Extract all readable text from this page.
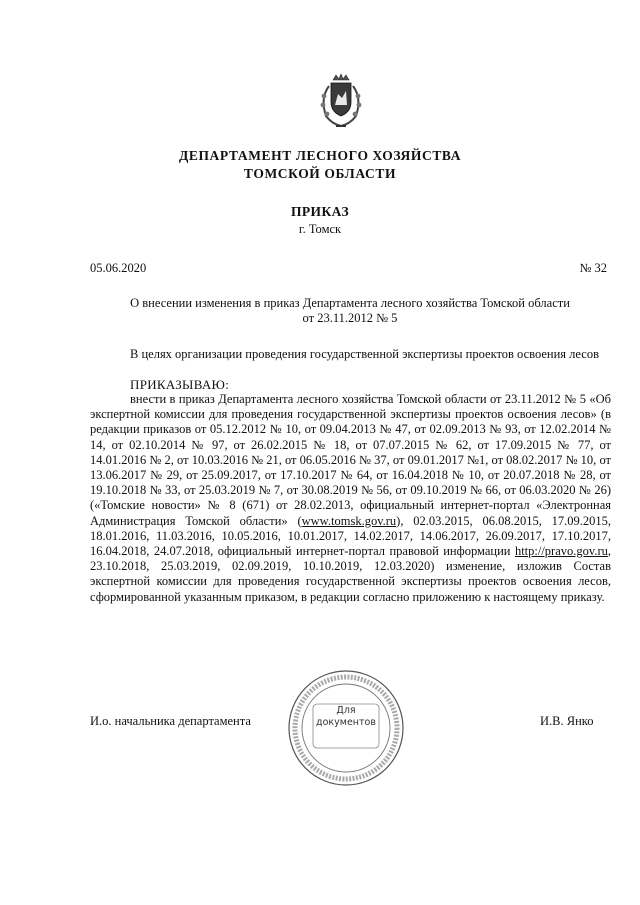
ДЕПАРТАМЕНТ ЛЕСНОГО ХОЗЯЙСТВА
ТОМСКОЙ ОБЛАСТИ
ПРИКАЗ
г. Томск
05.06.2020	№ 32
О внесении изменения в приказ Департамента лесного хозяйства Томской области
от 23.11.2012 № 5
В целях организации проведения государственной экспертизы проектов освоения лесов
ПРИКАЗЫВАЮ:
внести в приказ Департамента лесного хозяйства Томской области от 23.11.2012 № 5 «Об экспертной комиссии для проведения государственной экспертизы проектов освоения лесов» (в редакции приказов от 05.12.2012 № 10, от 09.04.2013 № 47, от 02.09.2013 № 93, от 12.02.2014 № 14, от 02.10.2014 № 97, от 26.02.2015 № 18, от 07.07.2015 № 62, от 17.09.2015 № 77, от 14.01.2016 № 2, от 10.03.2016 № 21, от 06.05.2016 № 37, от 09.01.2017 №1, от 08.02.2017 № 10, от 13.06.2017 № 29, от 25.09.2017, от 17.10.2017 № 64, от 16.04.2018 № 10, от 20.07.2018 № 28, от 19.10.2018 № 33, от 25.03.2019 № 7, от 30.08.2019 № 56, от 09.10.2019 № 66, от 06.03.2020 № 26) («Томские новости» № 8 (671) от 28.02.2013, официальный интернет-портал «Электронная Администрация Томской области» (www.tomsk.gov.ru), 02.03.2015, 06.08.2015, 17.09.2015, 18.01.2016, 11.03.2016, 10.05.2016, 10.01.2017, 14.02.2017, 14.06.2017, 26.09.2017, 17.10.2017, 16.04.2018, 24.07.2018, официальный интернет-портал правовой информации http://pravo.gov.ru, 23.10.2018, 25.03.2019, 02.09.2019, 10.10.2019, 12.03.2020) изменение, изложив Состав экспертной комиссии для проведения государственной экспертизы проектов освоения лесов, сформированной указанным приказом, в редакции согласно приложению к настоящему приказу.
И.о. начальника департамента
Для
документов	И.В. Янко
